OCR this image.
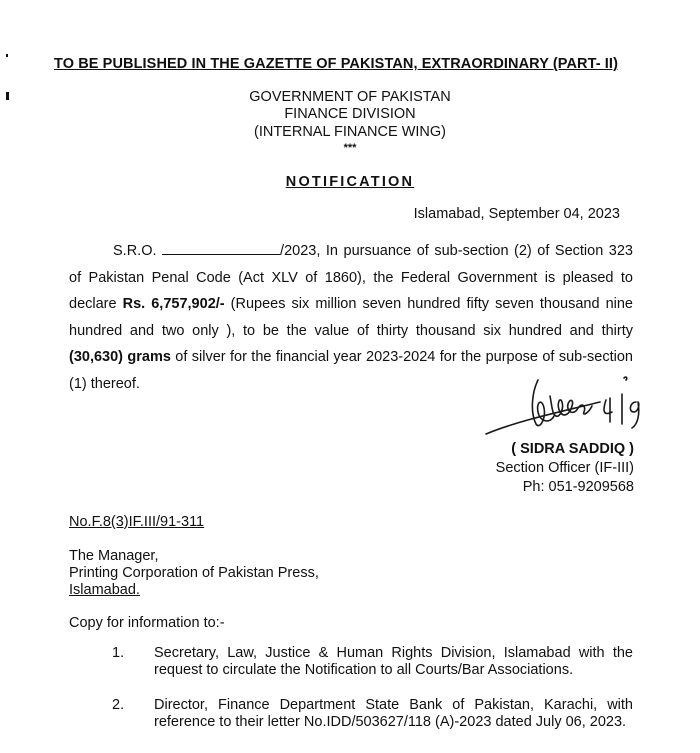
TO BE PUBLISHED IN THE GAZETTE OF PAKISTAN, EXTRAORDINARY (PART- II)
GOVERNMENT OF PAKISTAN
FINANCE DIVISION
(INTERNAL FINANCE WING)
***
NOTIFICATION
Islamabad, September 04, 2023
S.R.O.	/2023, In pursuance of sub-section (2) of Section 323 of Pakistan Penal Code (Act XLV of 1860), the Federal Government is pleased to declare Rs. 6,757,902/- (Rupees six million seven hundred fifty seven thousand nine hundred and two only ), to be the value of thirty thousand six hundred and thirty (30,630) grams of silver for the financial year 2023-2024 for the purpose of sub-section (1) thereof.
( SIDRA SADDIQ )
Section Officer (IF-III)
Ph: 051-9209568
No.F.8(3)IF.III/91-311
The Manager,
Printing Corporation of Pakistan Press,
Islamabad.
Copy for information to:-
1. Secretary, Law, Justice & Human Rights Division, Islamabad with the request to circulate the Notification to all Courts/Bar Associations.
2. Director, Finance Department State Bank of Pakistan, Karachi, with reference to their letter No.IDD/503627/118 (A)-2023 dated July 06, 2023.
